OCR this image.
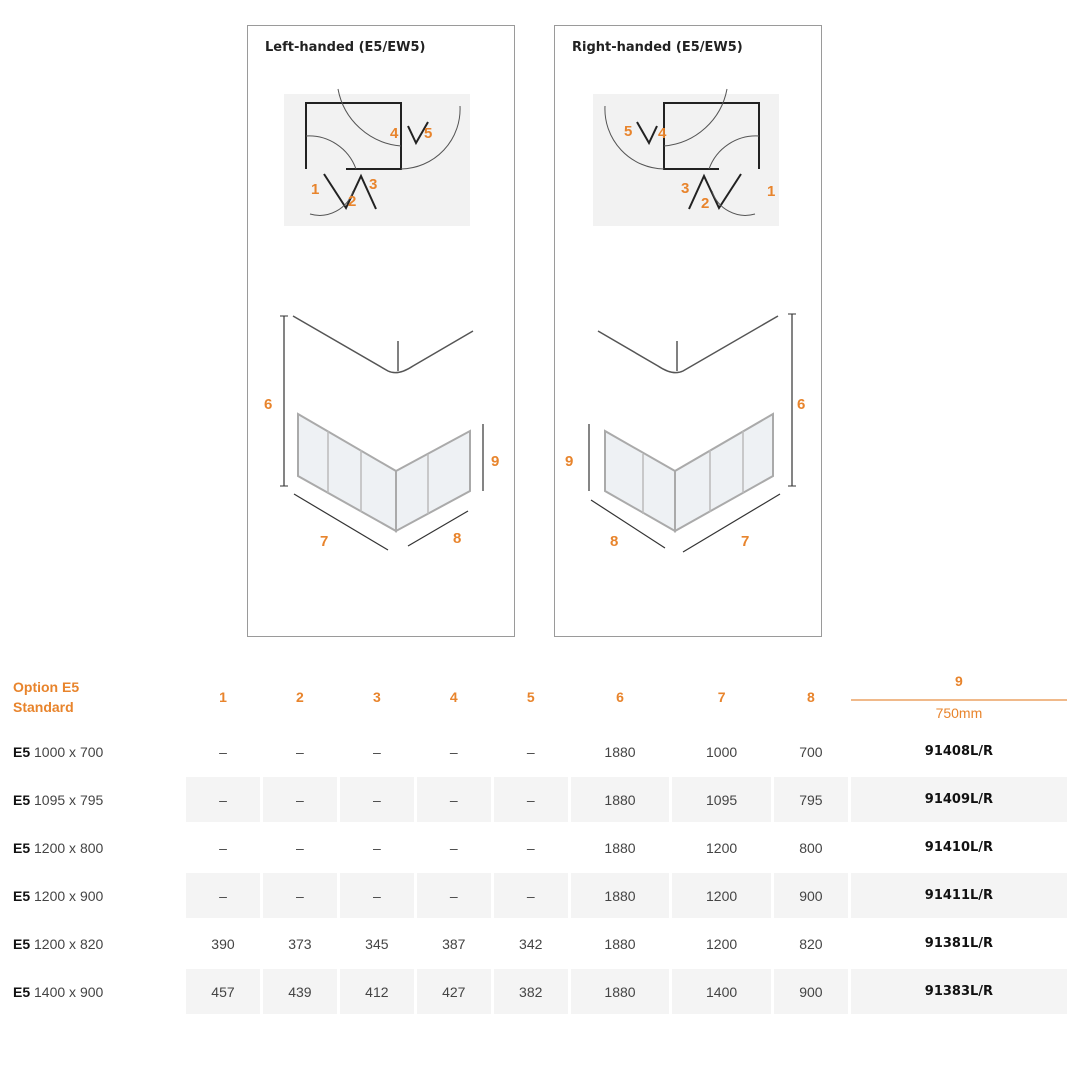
Left-handed (E5/EW5)
1
2
3
4 5
6
9
7	8
Right-handed (E5/EW5)
1
2
3
4
5
6
9
8	7
Option E5
Standard	1	2	3	4	5	6	7	8	9
750mm

E5 1000 x 700	–	–	–	–	–	1880	1000	700	91408L/R
E5 1095 x 795	–	–	–	–	–	1880	1095	795	91409L/R
E5 1200 x 800	–	–	–	–	–	1880	1200	800	91410L/R
E5 1200 x 900	–	–	–	–	–	1880	1200	900	91411L/R
E5 1200 x 820	390	373	345	387	342	1880	1200	820	91381L/R
E5 1400 x 900	457	439	412	427	382	1880	1400	900	91383L/R
